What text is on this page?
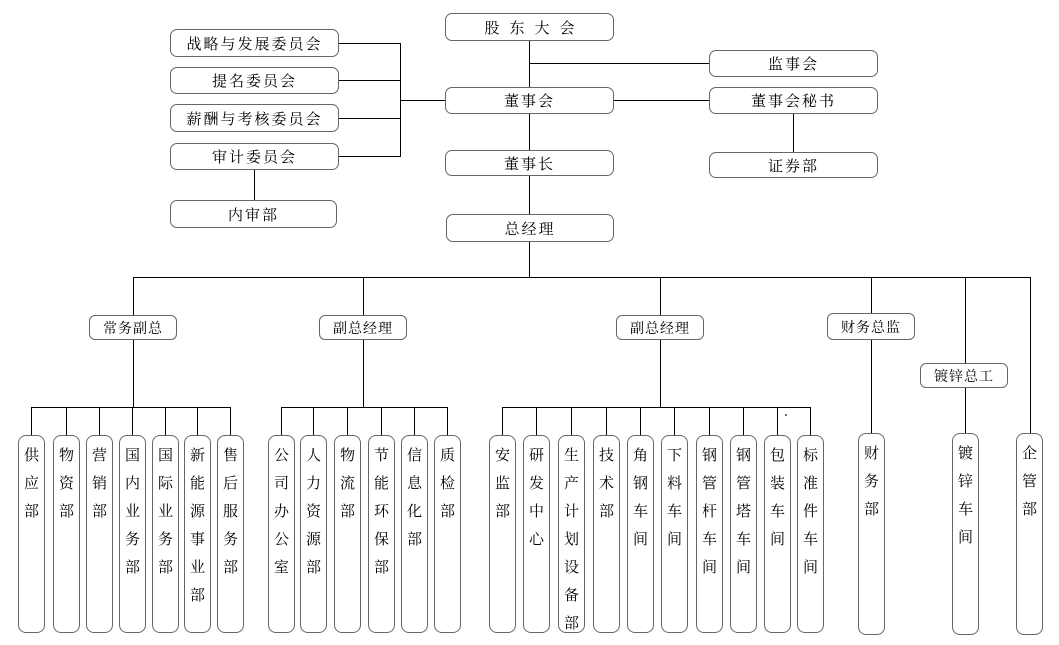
股东大会
监事会
董事会	董事会秘书
董事长	证券部
战略与发展委员会
提名委员会
薪酬与考核委员会
审计委员会
内审部
总经理
常务副总	副总经理	副总经理	财务总监
镀锌总工
供应部
物资部
营销部
国内业务部
国际业务部
新能源事业部
售后服务部
公司办公室
人力资源部
物流部
节能环保部
信息化部
质检部
安监部
研发中心
生产计划设备部
技术部
角钢车间
下料车间
钢管杆车间
钢管塔车间
包装车间
标准件车间
财务部
镀锌车间
企管部
